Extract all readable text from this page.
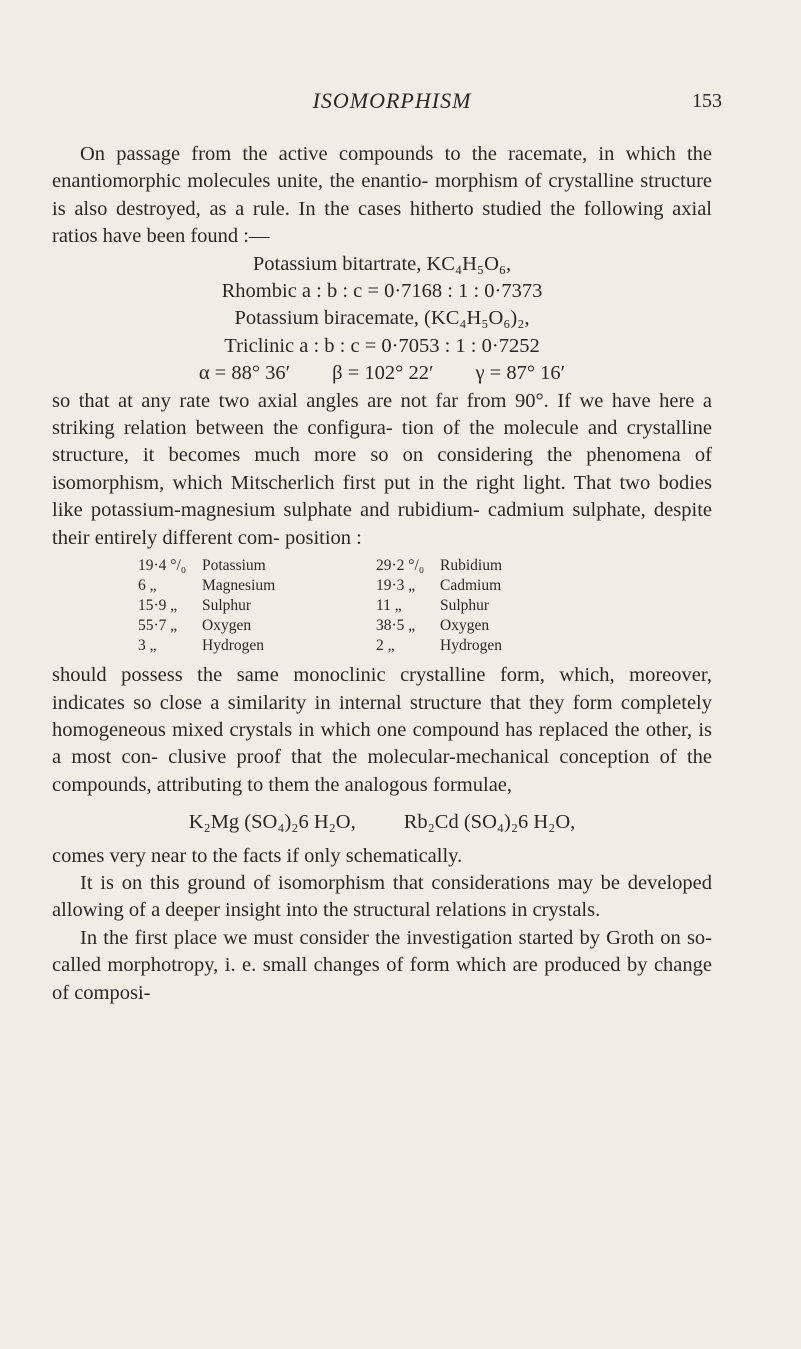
ISOMORPHISM	153

On passage from the active compounds to the racemate, in which the enantiomorphic molecules unite, the enantio- morphism of crystalline structure is also destroyed, as a rule. In the cases hitherto studied the following axial ratios have been found :—

Potassium bitartrate, KC₄H₅O₆,

Rhombic a : b : c = 0·7168 : 1 : 0·7373

Potassium biracemate, (KC₄H₅O₆)₂,

Triclinic a : b : c = 0·7053 : 1 : 0·7252

α = 88° 36′ β = 102° 22′ γ = 87° 16′

so that at any rate two axial angles are not far from 90°. If we have here a striking relation between the configura- tion of the molecule and crystalline structure, it becomes much more so on considering the phenomena of isomorphism, which Mitscherlich first put in the right light. That two bodies like potassium-magnesium sulphate and rubidium- cadmium sulphate, despite their entirely different com- position :

19·4 °/₀	Potassium	29·2 °/₀	Rubidium
6 „	Magnesium	19·3 „	Cadmium
15·9 „	Sulphur	11 „	Sulphur
55·7 „	Oxygen	38·5 „	Oxygen
3 „	Hydrogen	2 „	Hydrogen

should possess the same monoclinic crystalline form, which, moreover, indicates so close a similarity in internal structure that they form completely homogeneous mixed crystals in which one compound has replaced the other, is a most con- clusive proof that the molecular-mechanical conception of the compounds, attributing to them the analogous formulae,

K₂Mg (SO₄)₂6 H₂O, Rb₂Cd (SO₄)₂6 H₂O,

comes very near to the facts if only schematically.

It is on this ground of isomorphism that considerations may be developed allowing of a deeper insight into the structural relations in crystals.

In the first place we must consider the investigation started by Groth on so-called morphotropy, i. e. small changes of form which are produced by change of composi-
